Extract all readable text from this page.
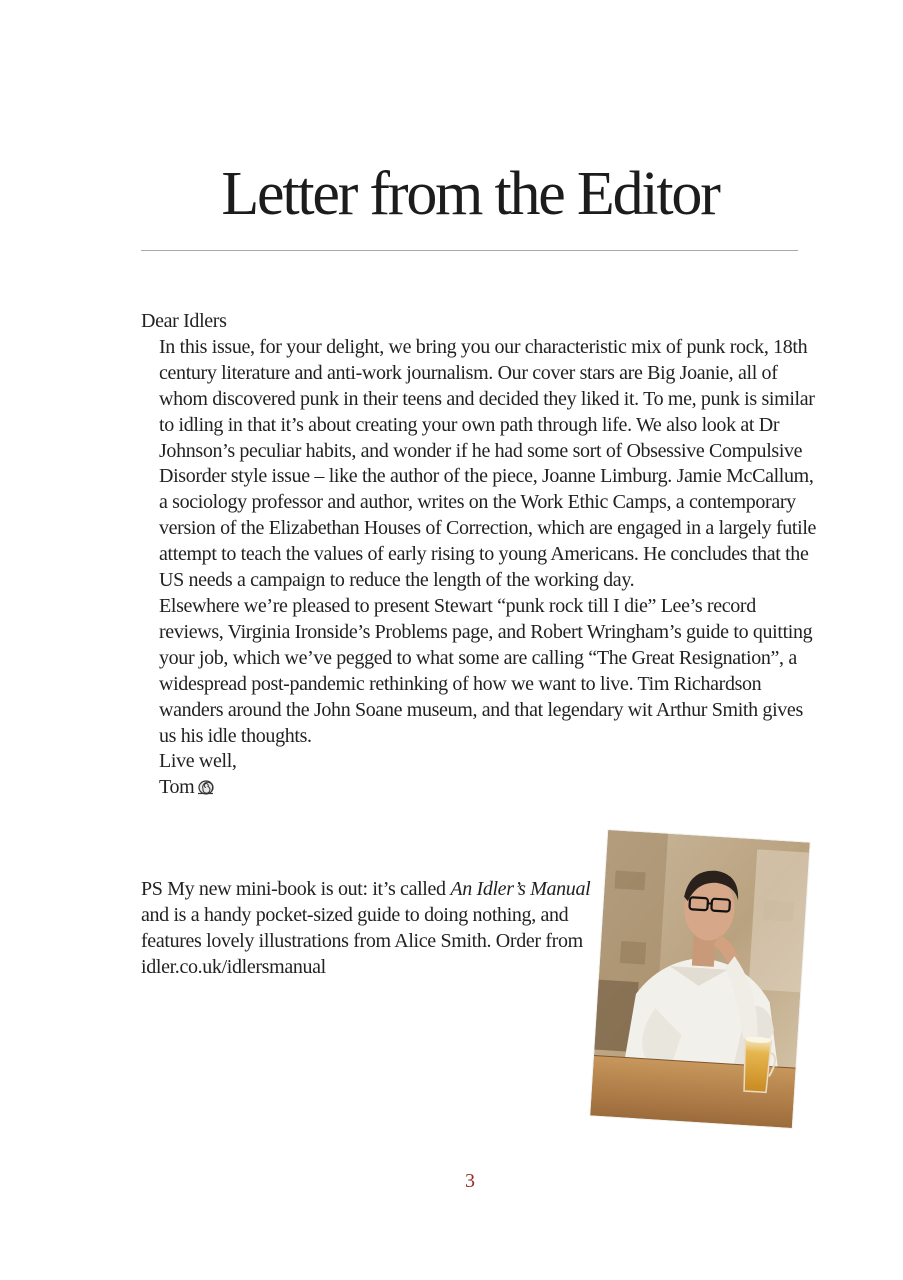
Letter from the Editor

Dear Idlers

In this issue, for your delight, we bring you our characteristic mix of punk rock, 18th century literature and anti-work journalism. Our cover stars are Big Joanie, all of whom discovered punk in their teens and decided they liked it. To me, punk is similar to idling in that it’s about creating your own path through life. We also look at Dr Johnson’s peculiar habits, and wonder if he had some sort of Obsessive Compulsive Disorder style issue – like the author of the piece, Joanne Limburg. Jamie McCallum, a sociology professor and author, writes on the Work Ethic Camps, a contemporary version of the Elizabethan Houses of Correction, which are engaged in a largely futile attempt to teach the values of early rising to young Americans. He concludes that the US needs a campaign to reduce the length of the working day.

Elsewhere we’re pleased to present Stewart “punk rock till I die” Lee’s record reviews, Virginia Ironside’s Problems page, and Robert Wringham’s guide to quitting your job, which we’ve pegged to what some are calling “The Great Resignation”, a widespread post-pandemic rethinking of how we want to live. Tim Richardson wanders around the John Soane museum, and that legendary wit Arthur Smith gives us his idle thoughts.

Live well,

Tom

PS My new mini-book is out: it’s called An Idler’s Manual and is a handy pocket-sized guide to doing nothing, and features lovely illustrations from Alice Smith. Order from idler.co.uk/idlersmanual

3
